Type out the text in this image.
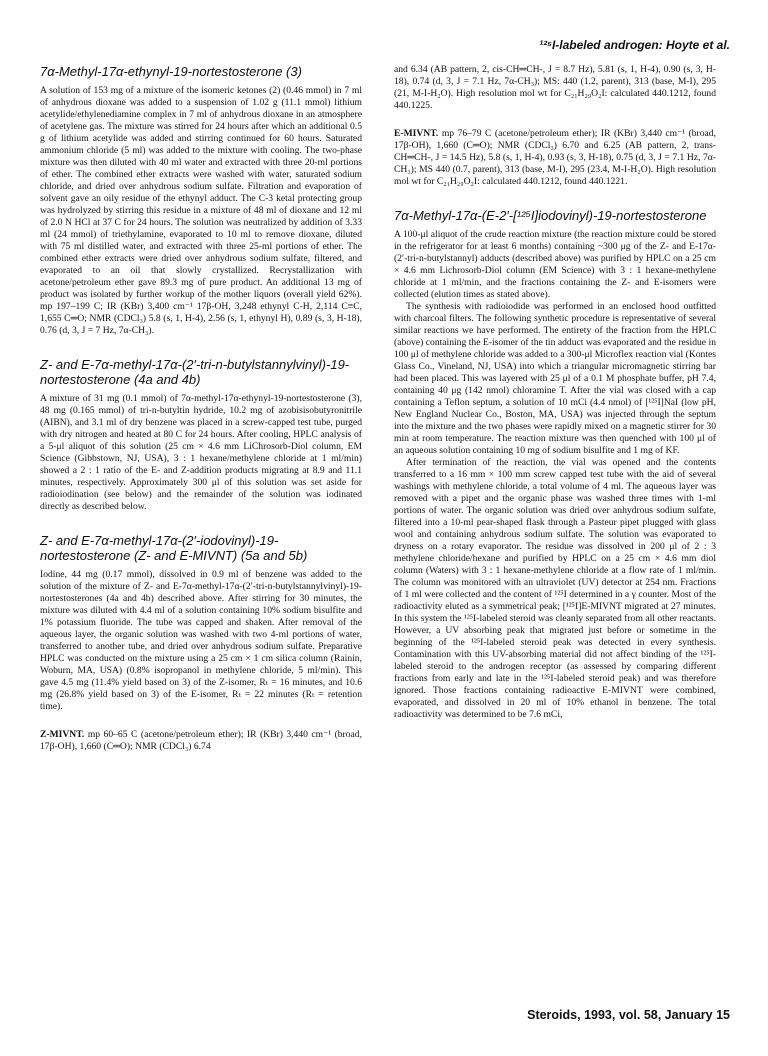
¹²⁵I-labeled androgen: Hoyte et al.
7α-Methyl-17α-ethynyl-19-nortestosterone (3)

A solution of 153 mg of a mixture of the isomeric ketones (2) (0.46 mmol) in 7 ml of anhydrous dioxane was added to a suspension of 1.02 g (11.1 mmol) lithium acetylide/ethylenediamine complex in 7 ml of anhydrous dioxane in an atmosphere of acetylene gas. The mixture was stirred for 24 hours after which an additional 0.5 g of lithium acetylide was added and stirring continued for 60 hours. Saturated ammonium chloride (5 ml) was added to the mixture with cooling. The two-phase mixture was then diluted with 40 ml water and extracted with three 20-ml portions of ether. The combined ether extracts were washed with water, saturated sodium chloride, and dried over anhydrous sodium sulfate. Filtration and evaporation of solvent gave an oily residue of the ethynyl adduct. The C-3 ketal protecting group was hydrolyzed by stirring this residue in a mixture of 48 ml of dioxane and 12 ml of 2.0 N HCl at 37 C for 24 hours. The solution was neutralized by addition of 3.33 ml (24 mmol) of triethylamine, evaporated to 10 ml to remove dioxane, diluted with 75 ml distilled water, and extracted with three 25-ml portions of ether. The combined ether extracts were dried over anhydrous sodium sulfate, filtered, and evaporated to an oil that slowly crystallized. Recrystallization with acetone/petroleum ether gave 89.3 mg of pure product. An additional 13 mg of product was isolated by further workup of the mother liquors (overall yield 62%). mp 197–199 C; IR (KBr) 3,400 cm⁻¹ 17β-OH, 3,248 ethynyl C-H, 2,114 C≡C, 1,655 C═O; NMR (CDCl₃) 5.8 (s, 1, H-4), 2.56 (s, 1, ethynyl H), 0.89 (s, 3, H-18), 0.76 (d, 3, J = 7 Hz, 7α-CH₃).

Z- and E-7α-methyl-17α-(2′-tri-n-butylstannylvinyl)-19-nortestosterone (4a and 4b)

A mixture of 31 mg (0.1 mmol) of 7α-methyl-17α-ethynyl-19-nortestosterone (3), 48 mg (0.165 mmol) of tri-n-butyltin hydride, 10.2 mg of azobisisobutyronitrile (AIBN), and 3.1 ml of dry benzene was placed in a screw-capped test tube, purged with dry nitrogen and heated at 80 C for 24 hours. After cooling, HPLC analysis of a 5-μl aliquot of this solution (25 cm × 4.6 mm LiChrosorb-Diol column, EM Science (Gibbstown, NJ, USA), 3 : 1 hexane/methylene chloride at 1 ml/min) showed a 2 : 1 ratio of the E- and Z-addition products migrating at 8.9 and 11.1 minutes, respectively. Approximately 300 μl of this solution was set aside for radioiodination (see below) and the remainder of the solution was iodinated directly as described below.

Z- and E-7α-methyl-17α-(2′-iodovinyl)-19-nortestosterone (Z- and E-MIVNT) (5a and 5b)

Iodine, 44 mg (0.17 mmol), dissolved in 0.9 ml of benzene was added to the solution of the mixture of Z- and E-7α-methyl-17α-(2′-tri-n-butylstannylvinyl)-19-nortestosterones (4a and 4b) described above. After stirring for 30 minutes, the mixture was diluted with 4.4 ml of a solution containing 10% sodium bisulfite and 1% potassium fluoride. The tube was capped and shaken. After removal of the aqueous layer, the organic solution was washed with two 4-ml portions of water, transferred to another tube, and dried over anhydrous sodium sulfate. Preparative HPLC was conducted on the mixture using a 25 cm × 1 cm silica column (Rainin, Woburn, MA, USA) (0.8% isopropanol in methylene chloride, 5 ml/min). This gave 4.5 mg (11.4% yield based on 3) of the Z-isomer, Rₜ = 16 minutes, and 10.6 mg (26.8% yield based on 3) of the E-isomer, Rₜ = 22 minutes (Rₜ = retention time).

Z-MIVNT. mp 60–65 C (acetone/petroleum ether); IR (KBr) 3,440 cm⁻¹ (broad, 17β-OH), 1,660 (C═O); NMR (CDCl₃) 6.74

and 6.34 (AB pattern, 2, cis-CH═CH-, J = 8.7 Hz), 5.81 (s, 1, H-4), 0.90 (s, 3, H-18), 0.74 (d, 3, J = 7.1 Hz, 7α-CH₃); MS: 440 (1.2, parent), 313 (base, M-I), 295 (21, M-I-H₂O). High resolution mol wt for C₂₁H₂₉O₂I: calculated 440.1212, found 440.1225.

E-MIVNT. mp 76–79 C (acetone/petroleum ether); IR (KBr) 3,440 cm⁻¹ (broad, 17β-OH), 1,660 (C═O); NMR (CDCl₃) 6.70 and 6.25 (AB pattern, 2, trans-CH═CH-, J = 14.5 Hz), 5.8 (s, 1, H-4), 0.93 (s, 3, H-18), 0.75 (d, 3, J = 7.1 Hz, 7α-CH₃); MS 440 (0.7, parent), 313 (base, M-I), 295 (23.4, M-I-H₂O). High resolution mol wt for C₂₁H₂₉O₂I: calculated 440.1212, found 440.1221.

7α-Methyl-17α-(E-2′-[¹²⁵I]iodovinyl)-19-nortestosterone

A 100-μl aliquot of the crude reaction mixture (the reaction mixture could be stored in the refrigerator for at least 6 months) containing ~300 μg of the Z- and E-17α-(2′-tri-n-butylstannyl) adducts (described above) was purified by HPLC on a 25 cm × 4.6 mm Lichrosorb-Diol column (EM Science) with 3 : 1 hexane-methylene chloride at 1 ml/min, and the fractions containing the Z- and E-isomers were collected (elution times as stated above).

The synthesis with radioiodide was performed in an enclosed hood outfitted with charcoal filters. The following synthetic procedure is representative of several similar reactions we have performed. The entirety of the fraction from the HPLC (above) containing the E-isomer of the tin adduct was evaporated and the residue in 100 μl of methylene chloride was added to a 300-μl Microflex reaction vial (Kontes Glass Co., Vineland, NJ, USA) into which a triangular micromagnetic stirring bar had been placed. This was layered with 25 μl of a 0.1 M phosphate buffer, pH 7.4, containing 40 μg (142 nmol) chloramine T. After the vial was closed with a cap containing a Teflon septum, a solution of 10 mCi (4.4 nmol) of [¹²⁵I]NaI (low pH, New England Nuclear Co., Boston, MA, USA) was injected through the septum into the mixture and the two phases were rapidly mixed on a magnetic stirrer for 30 min at room temperature. The reaction mixture was then quenched with 100 μl of an aqueous solution containing 10 mg of sodium bisulfite and 1 mg of KF.

After termination of the reaction, the vial was opened and the contents transferred to a 16 mm × 100 mm screw capped test tube with the aid of several washings with methylene chloride, a total volume of 4 ml. The aqueous layer was removed with a pipet and the organic phase was washed three times with 1-ml portions of water. The organic solution was dried over anhydrous sodium sulfate, filtered into a 10-ml pear-shaped flask through a Pasteur pipet plugged with glass wool and containing anhydrous sodium sulfate. The solution was evaporated to dryness on a rotary evaporator. The residue was dissolved in 200 μl of 2 : 3 methylene chloride/hexane and purified by HPLC on a 25 cm × 4.6 mm diol column (Waters) with 3 : 1 hexane-methylene chloride at a flow rate of 1 ml/min. The column was monitored with an ultraviolet (UV) detector at 254 nm. Fractions of 1 ml were collected and the content of ¹²⁵I determined in a γ counter. Most of the radioactivity eluted as a symmetrical peak; [¹²⁵I]E-MIVNT migrated at 27 minutes. In this system the ¹²⁵I-labeled steroid was cleanly separated from all other reactants. However, a UV absorbing peak that migrated just before or sometime in the beginning of the ¹²⁵I-labeled steroid peak was detected in every synthesis. Contamination with this UV-absorbing material did not affect binding of the ¹²⁵I-labeled steroid to the androgen receptor (as assessed by comparing different fractions from early and late in the ¹²⁵I-labeled steroid peak) and was therefore ignored. Those fractions containing radioactive E-MIVNT were combined, evaporated, and dissolved in 20 ml of 10% ethanol in benzene. The total radioactivity was determined to be 7.6 mCi,

Steroids, 1993, vol. 58, January 15
